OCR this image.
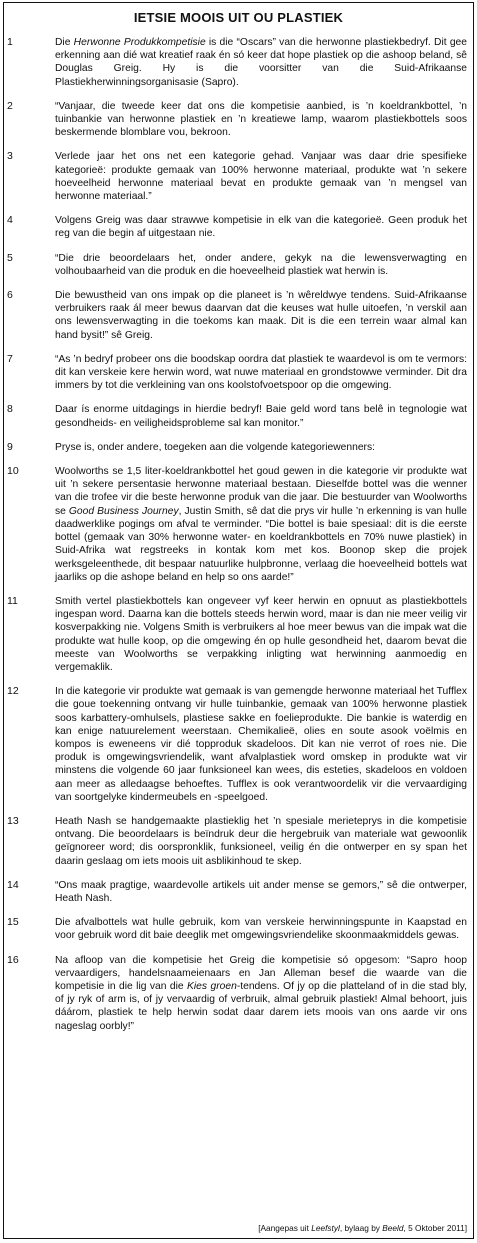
IETSIE MOOIS UIT OU PLASTIEK
1	Die Herwonne Produkkompetisie is die “Oscars” van die herwonne plastiekbedryf. Dit gee erkenning aan dié wat kreatief raak én só keer dat hope plastiek op die ashoop beland, sê Douglas Greig. Hy is die voorsitter van die Suid-Afrikaanse Plastiekherwinningsorganisasie (Sapro).

2	“Vanjaar, die tweede keer dat ons die kompetisie aanbied, is ’n koeldrankbottel, ’n tuinbankie van herwonne plastiek en ’n kreatiewe lamp, waarom plastiekbottels soos beskermende blomblare vou, bekroon.

3	Verlede jaar het ons net een kategorie gehad. Vanjaar was daar drie spesifieke kategorieë: produkte gemaak van 100% herwonne materiaal, produkte wat ’n sekere hoeveelheid herwonne materiaal bevat en produkte gemaak van ’n mengsel van herwonne materiaal.”

4	Volgens Greig was daar strawwe kompetisie in elk van die kategorieë. Geen produk het reg van die begin af uitgestaan nie.

5	“Die drie beoordelaars het, onder andere, gekyk na die lewensverwagting en volhoubaarheid van die produk en die hoeveelheid plastiek wat herwin is.

6	Die bewustheid van ons impak op die planeet is ’n wêreldwye tendens. Suid-Afrikaanse verbruikers raak ál meer bewus daarvan dat die keuses wat hulle uitoefen, ’n verskil aan ons lewensverwagting in die toekoms kan maak. Dit is die een terrein waar almal kan hand bysit!” sê Greig.

7	“As ’n bedryf probeer ons die boodskap oordra dat plastiek te waardevol is om te vermors: dit kan verskeie kere herwin word, wat nuwe materiaal en grondstowwe verminder. Dit dra immers by tot die verkleining van ons koolstofvoetspoor op die omgewing.

8	Daar ís enorme uitdagings in hierdie bedryf! Baie geld word tans belê in tegnologie wat gesondheids- en veiligheidsprobleme sal kan monitor.”

9	Pryse is, onder andere, toegeken aan die volgende kategoriewenners:

10	Woolworths se 1,5 liter-koeldrankbottel het goud gewen in die kategorie vir produkte wat uit ’n sekere persentasie herwonne materiaal bestaan. Dieselfde bottel was die wenner van die trofee vir die beste herwonne produk van die jaar. Die bestuurder van Woolworths se Good Business Journey, Justin Smith, sê dat die prys vir hulle ’n erkenning is van hulle daadwerklike pogings om afval te verminder. “Die bottel is baie spesiaal: dit is die eerste bottel (gemaak van 30% herwonne water- en koeldrankbottels en 70% nuwe plastiek) in Suid-Afrika wat regstreeks in kontak kom met kos. Boonop skep die projek werksgeleenthede, dit bespaar natuurlike hulpbronne, verlaag die hoeveelheid bottels wat jaarliks op die ashope beland en help so ons aarde!”

11	Smith vertel plastiekbottels kan ongeveer vyf keer herwin en opnuut as plastiekbottels ingespan word. Daarna kan die bottels steeds herwin word, maar is dan nie meer veilig vir kosverpakking nie. Volgens Smith is verbruikers al hoe meer bewus van die impak wat die produkte wat hulle koop, op die omgewing én op hulle gesondheid het, daarom bevat die meeste van Woolworths se verpakking inligting wat herwinning aanmoedig en vergemaklik.

12	In die kategorie vir produkte wat gemaak is van gemengde herwonne materiaal het Tufflex die goue toekenning ontvang vir hulle tuinbankie, gemaak van 100% herwonne plastiek soos karbattery-omhulsels, plastiese sakke en foelieprodukte. Die bankie is waterdig en kan enige natuurelement weerstaan. Chemikalieë, olies en soute asook voëlmis en kompos is eweneens vir dié topproduk skadeloos. Dit kan nie verrot of roes nie. Die produk is omgewingsvriendelik, want afvalplastiek word omskep in produkte wat vir minstens die volgende 60 jaar funksioneel kan wees, dis esteties, skadeloos en voldoen aan meer as alledaagse behoeftes. Tufflex is ook verantwoordelik vir die vervaardiging van soortgelyke kindermeubels en -speelgoed.

13	Heath Nash se handgemaakte plastieklig het ’n spesiale merieteprys in die kompetisie ontvang. Die beoordelaars is beïndruk deur die hergebruik van materiale wat gewoonlik geïgnoreer word; dis oorspronklik, funksioneel, veilig én die ontwerper en sy span het daarin geslaag om iets moois uit asblikinhoud te skep.

14	“Ons maak pragtige, waardevolle artikels uit ander mense se gemors,” sê die ontwerper, Heath Nash.

15	Die afvalbottels wat hulle gebruik, kom van verskeie herwinningspunte in Kaapstad en voor gebruik word dit baie deeglik met omgewingsvriendelike skoonmaakmiddels gewas.

16	Na afloop van die kompetisie het Greig die kompetisie só opgesom: “Sapro hoop vervaardigers, handelsnaameienaars en Jan Alleman besef die waarde van die kompetisie in die lig van die Kies groen-tendens. Of jy op die platteland of in die stad bly, of jy ryk of arm is, of jy vervaardig of verbruik, almal gebruik plastiek! Almal behoort, juis dáárom, plastiek te help herwin sodat daar darem iets moois van ons aarde vir ons nageslag oorbly!”

[Aangepas uit Leefstyl, bylaag by Beeld, 5 Oktober 2011]
